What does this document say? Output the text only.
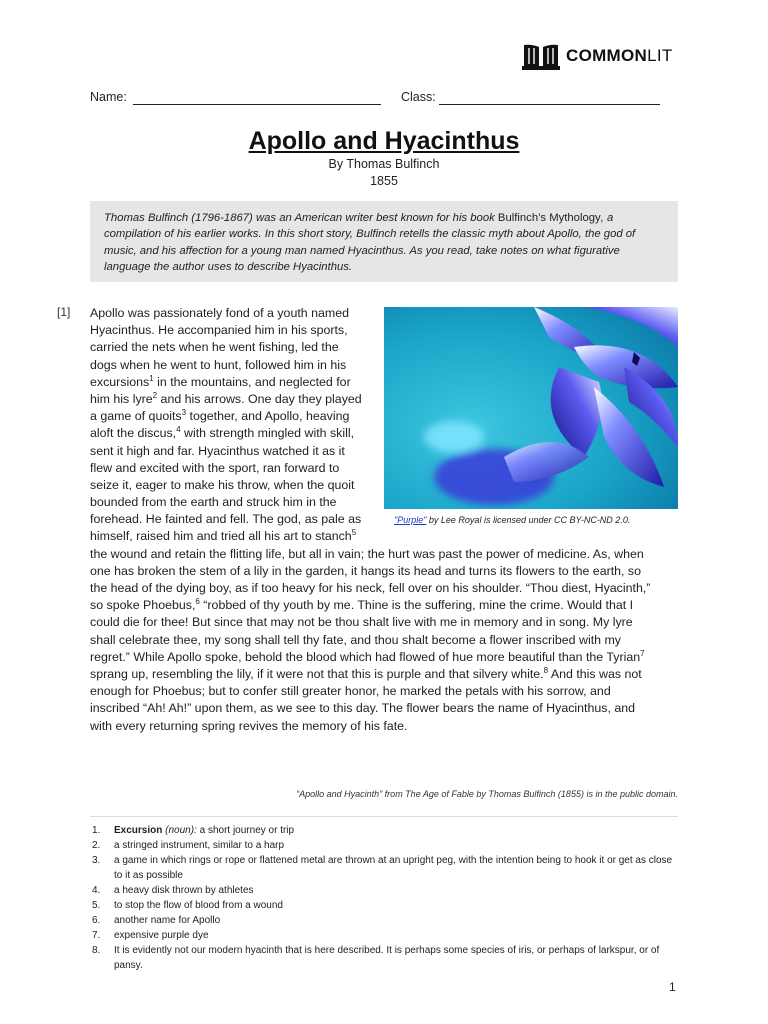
COMMONLIT
Name:	Class:
Apollo and Hyacinthus
By Thomas Bulfinch
1855
Thomas Bulfinch (1796-1867) was an American writer best known for his book Bulfinch’s Mythology, a compilation of his earlier works. In this short story, Bulfinch retells the classic myth about Apollo, the god of music, and his affection for a young man named Hyacinthus. As you read, take notes on what figurative language the author uses to describe Hyacinthus.
[1] Apollo was passionately fond of a youth named
Hyacinthus. He accompanied him in his sports,
carried the nets when he went fishing, led the
dogs when he went to hunt, followed him in his
excursions$^1$ in the mountains, and neglected for
him his lyre$^2$ and his arrows. One day they played
a game of quoits$^3$ together, and Apollo, heaving
aloft the discus,$^4$ with strength mingled with skill,
sent it high and far. Hyacinthus watched it as it
flew and excited with the sport, ran forward to
seize it, eager to make his throw, when the quoit
bounded from the earth and struck him in the
forehead. He fainted and fell. The god, as pale as
himself, raised him and tried all his art to stanch$^5$
the wound and retain the flitting life, but all in vain; the hurt was past the power of medicine. As, when
one has broken the stem of a lily in the garden, it hangs its head and turns its flowers to the earth, so
the head of the dying boy, as if too heavy for his neck, fell over on his shoulder. “Thou diest, Hyacinth,”
so spoke Phoebus,$^6$ “robbed of thy youth by me. Thine is the suffering, mine the crime. Would that I
could die for thee! But since that may not be thou shalt live with me in memory and in song. My lyre
shall celebrate thee, my song shall tell thy fate, and thou shalt become a flower inscribed with my
regret.” While Apollo spoke, behold the blood which had flowed of hue more beautiful than the Tyrian$^7$
sprang up, resembling the lily, if it were not that this is purple and that silvery white.$^8$ And this was not
enough for Phoebus; but to confer still greater honor, he marked the petals with his sorrow, and
inscribed “Ah! Ah!” upon them, as we see to this day. The flower bears the name of Hyacinthus, and
with every returning spring revives the memory of his fate.
"Purple" by Lee Royal is licensed under CC BY-NC-ND 2.0.
“Apollo and Hyacinth” from The Age of Fable by Thomas Bulfinch (1855) is in the public domain.
1. Excursion (noun): a short journey or trip
2. a stringed instrument, similar to a harp
3. a game in which rings or rope or flattened metal are thrown at an upright peg, with the intention being to hook it or get as close to it as possible
4. a heavy disk thrown by athletes
5. to stop the flow of blood from a wound
6. another name for Apollo
7. expensive purple dye
8. It is evidently not our modern hyacinth that is here described. It is perhaps some species of iris, or perhaps of larkspur, or of pansy.
1
